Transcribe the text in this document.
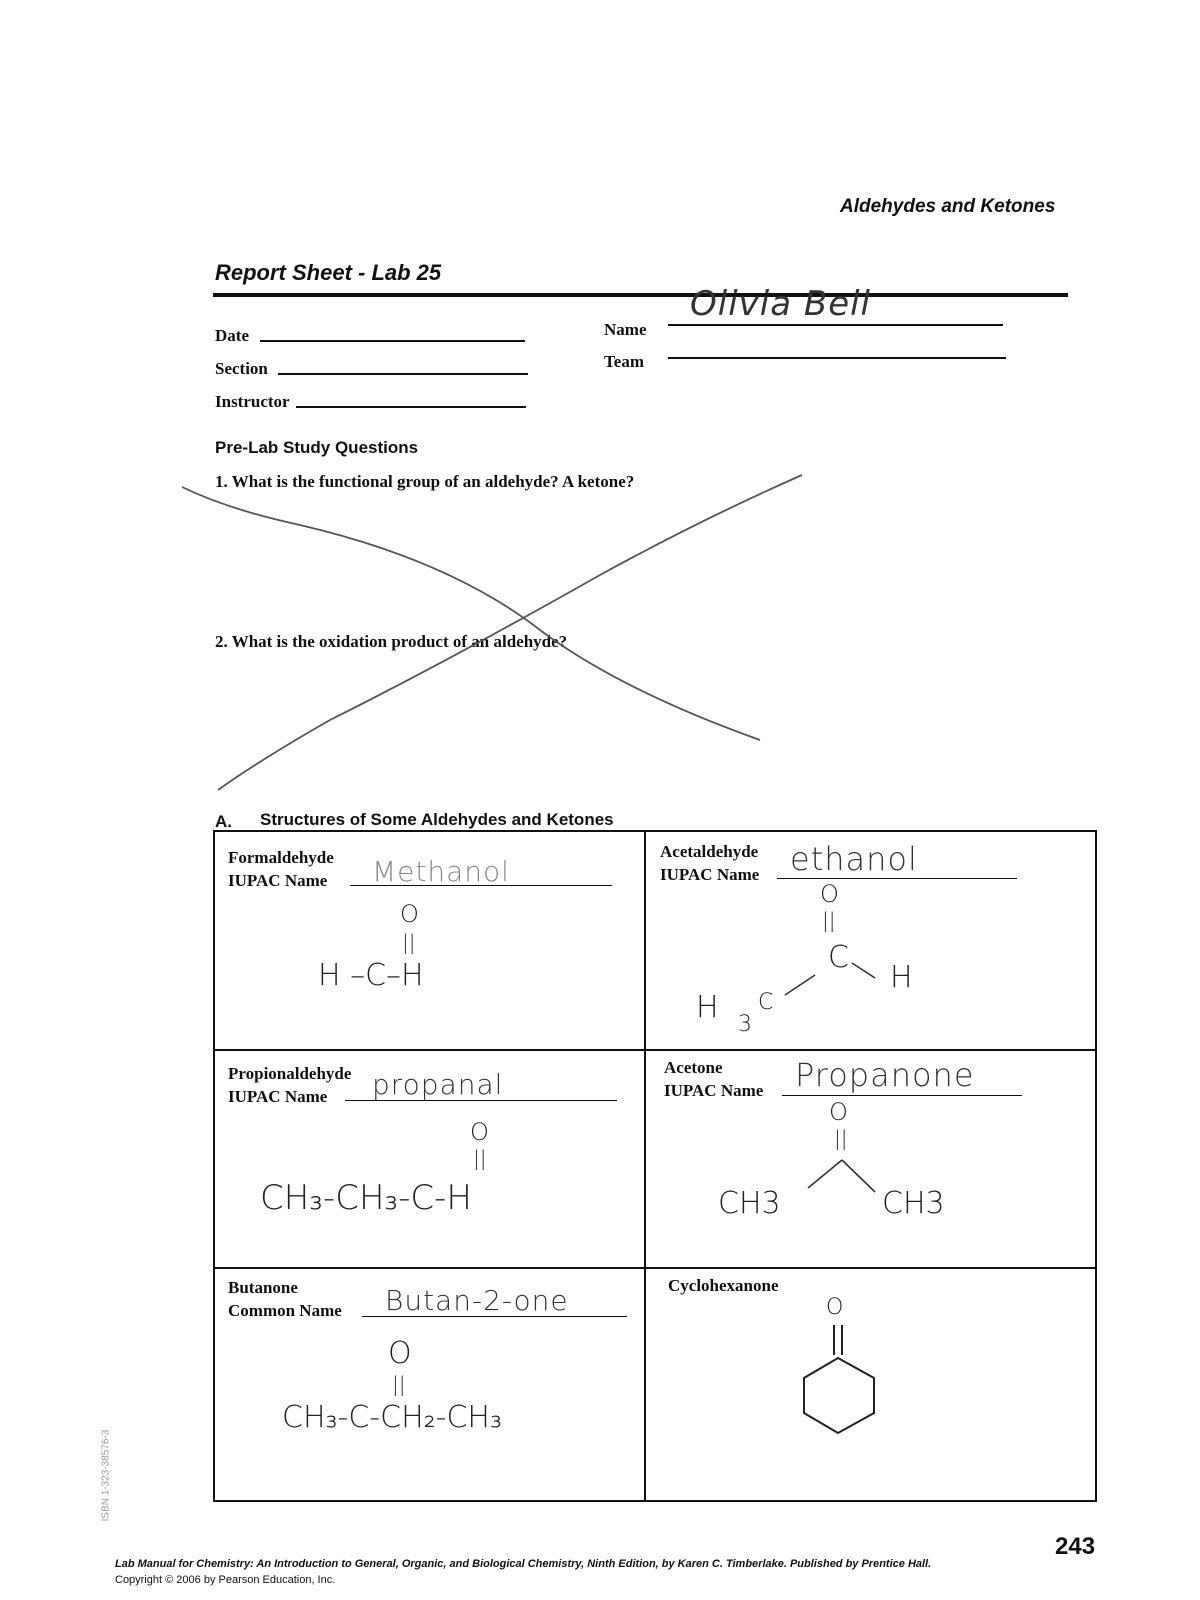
Aldehydes and Ketones
Report Sheet - Lab 25
Date
Section
Instructor
Name
Olivia Bell
Team
Pre-Lab Study Questions
1. What is the functional group of an aldehyde? A ketone?
2. What is the oxidation product of an aldehyde?
A. Structures of Some Aldehydes and Ketones
Formaldehyde
IUPAC Name Methanol
O
||
H –C–H
Acetaldehyde
IUPAC Name ethanol
O
||
C
H
H C
3
Propionaldehyde
IUPAC Name propanal
O
||
CH₃-CH₃-C-H
Acetone
IUPAC Name Propanone
O
||
CH3	CH3
Butanone
Common Name Butan-2-one
O
||
CH₃-C-CH₂-CH₃
Cyclohexanone
O
Lab Manual for Chemistry: An Introduction to General, Organic, and Biological Chemistry, Ninth Edition, by Karen C. Timberlake. Published by Prentice Hall.
Copyright © 2006 by Pearson Education, Inc.
243
ISBN 1-323-38576-3
